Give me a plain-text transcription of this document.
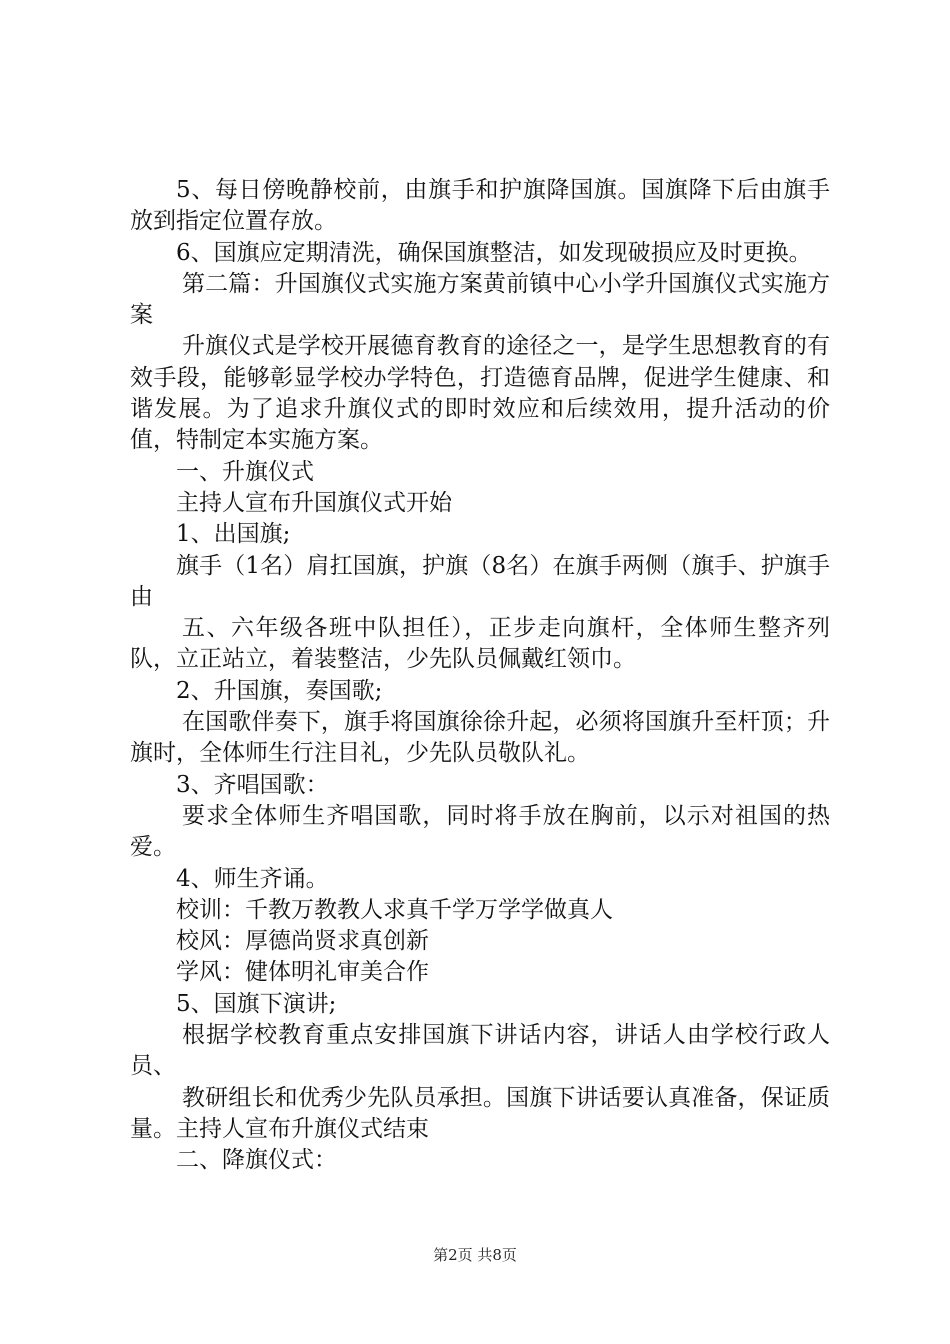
5、每日傍晚静校前，由旗手和护旗降国旗。国旗降下后由旗手放到指定位置存放。

6、国旗应定期清洗，确保国旗整洁，如发现破损应及时更换。

第二篇：升国旗仪式实施方案黄前镇中心小学升国旗仪式实施方案

升旗仪式是学校开展德育教育的途径之一，是学生思想教育的有效手段，能够彰显学校办学特色，打造德育品牌，促进学生健康、和谐发展。为了追求升旗仪式的即时效应和后续效用，提升活动的价值，特制定本实施方案。

一、升旗仪式

主持人宣布升国旗仪式开始

1、出国旗;

旗手（1名）肩扛国旗，护旗（8名）在旗手两侧（旗手、护旗手由

五、六年级各班中队担任），正步走向旗杆，全体师生整齐列队，立正站立，着装整洁，少先队员佩戴红领巾。

2、升国旗，奏国歌;

在国歌伴奏下，旗手将国旗徐徐升起，必须将国旗升至杆顶；升旗时，全体师生行注目礼，少先队员敬队礼。

3、齐唱国歌：

要求全体师生齐唱国歌，同时将手放在胸前，以示对祖国的热爱。

4、师生齐诵。

校训：千教万教教人求真千学万学学做真人

校风：厚德尚贤求真创新

学风：健体明礼审美合作

5、国旗下演讲;

根据学校教育重点安排国旗下讲话内容，讲话人由学校行政人员、

教研组长和优秀少先队员承担。国旗下讲话要认真准备，保证质量。主持人宣布升旗仪式结束

二、降旗仪式：

第2页 共8页
